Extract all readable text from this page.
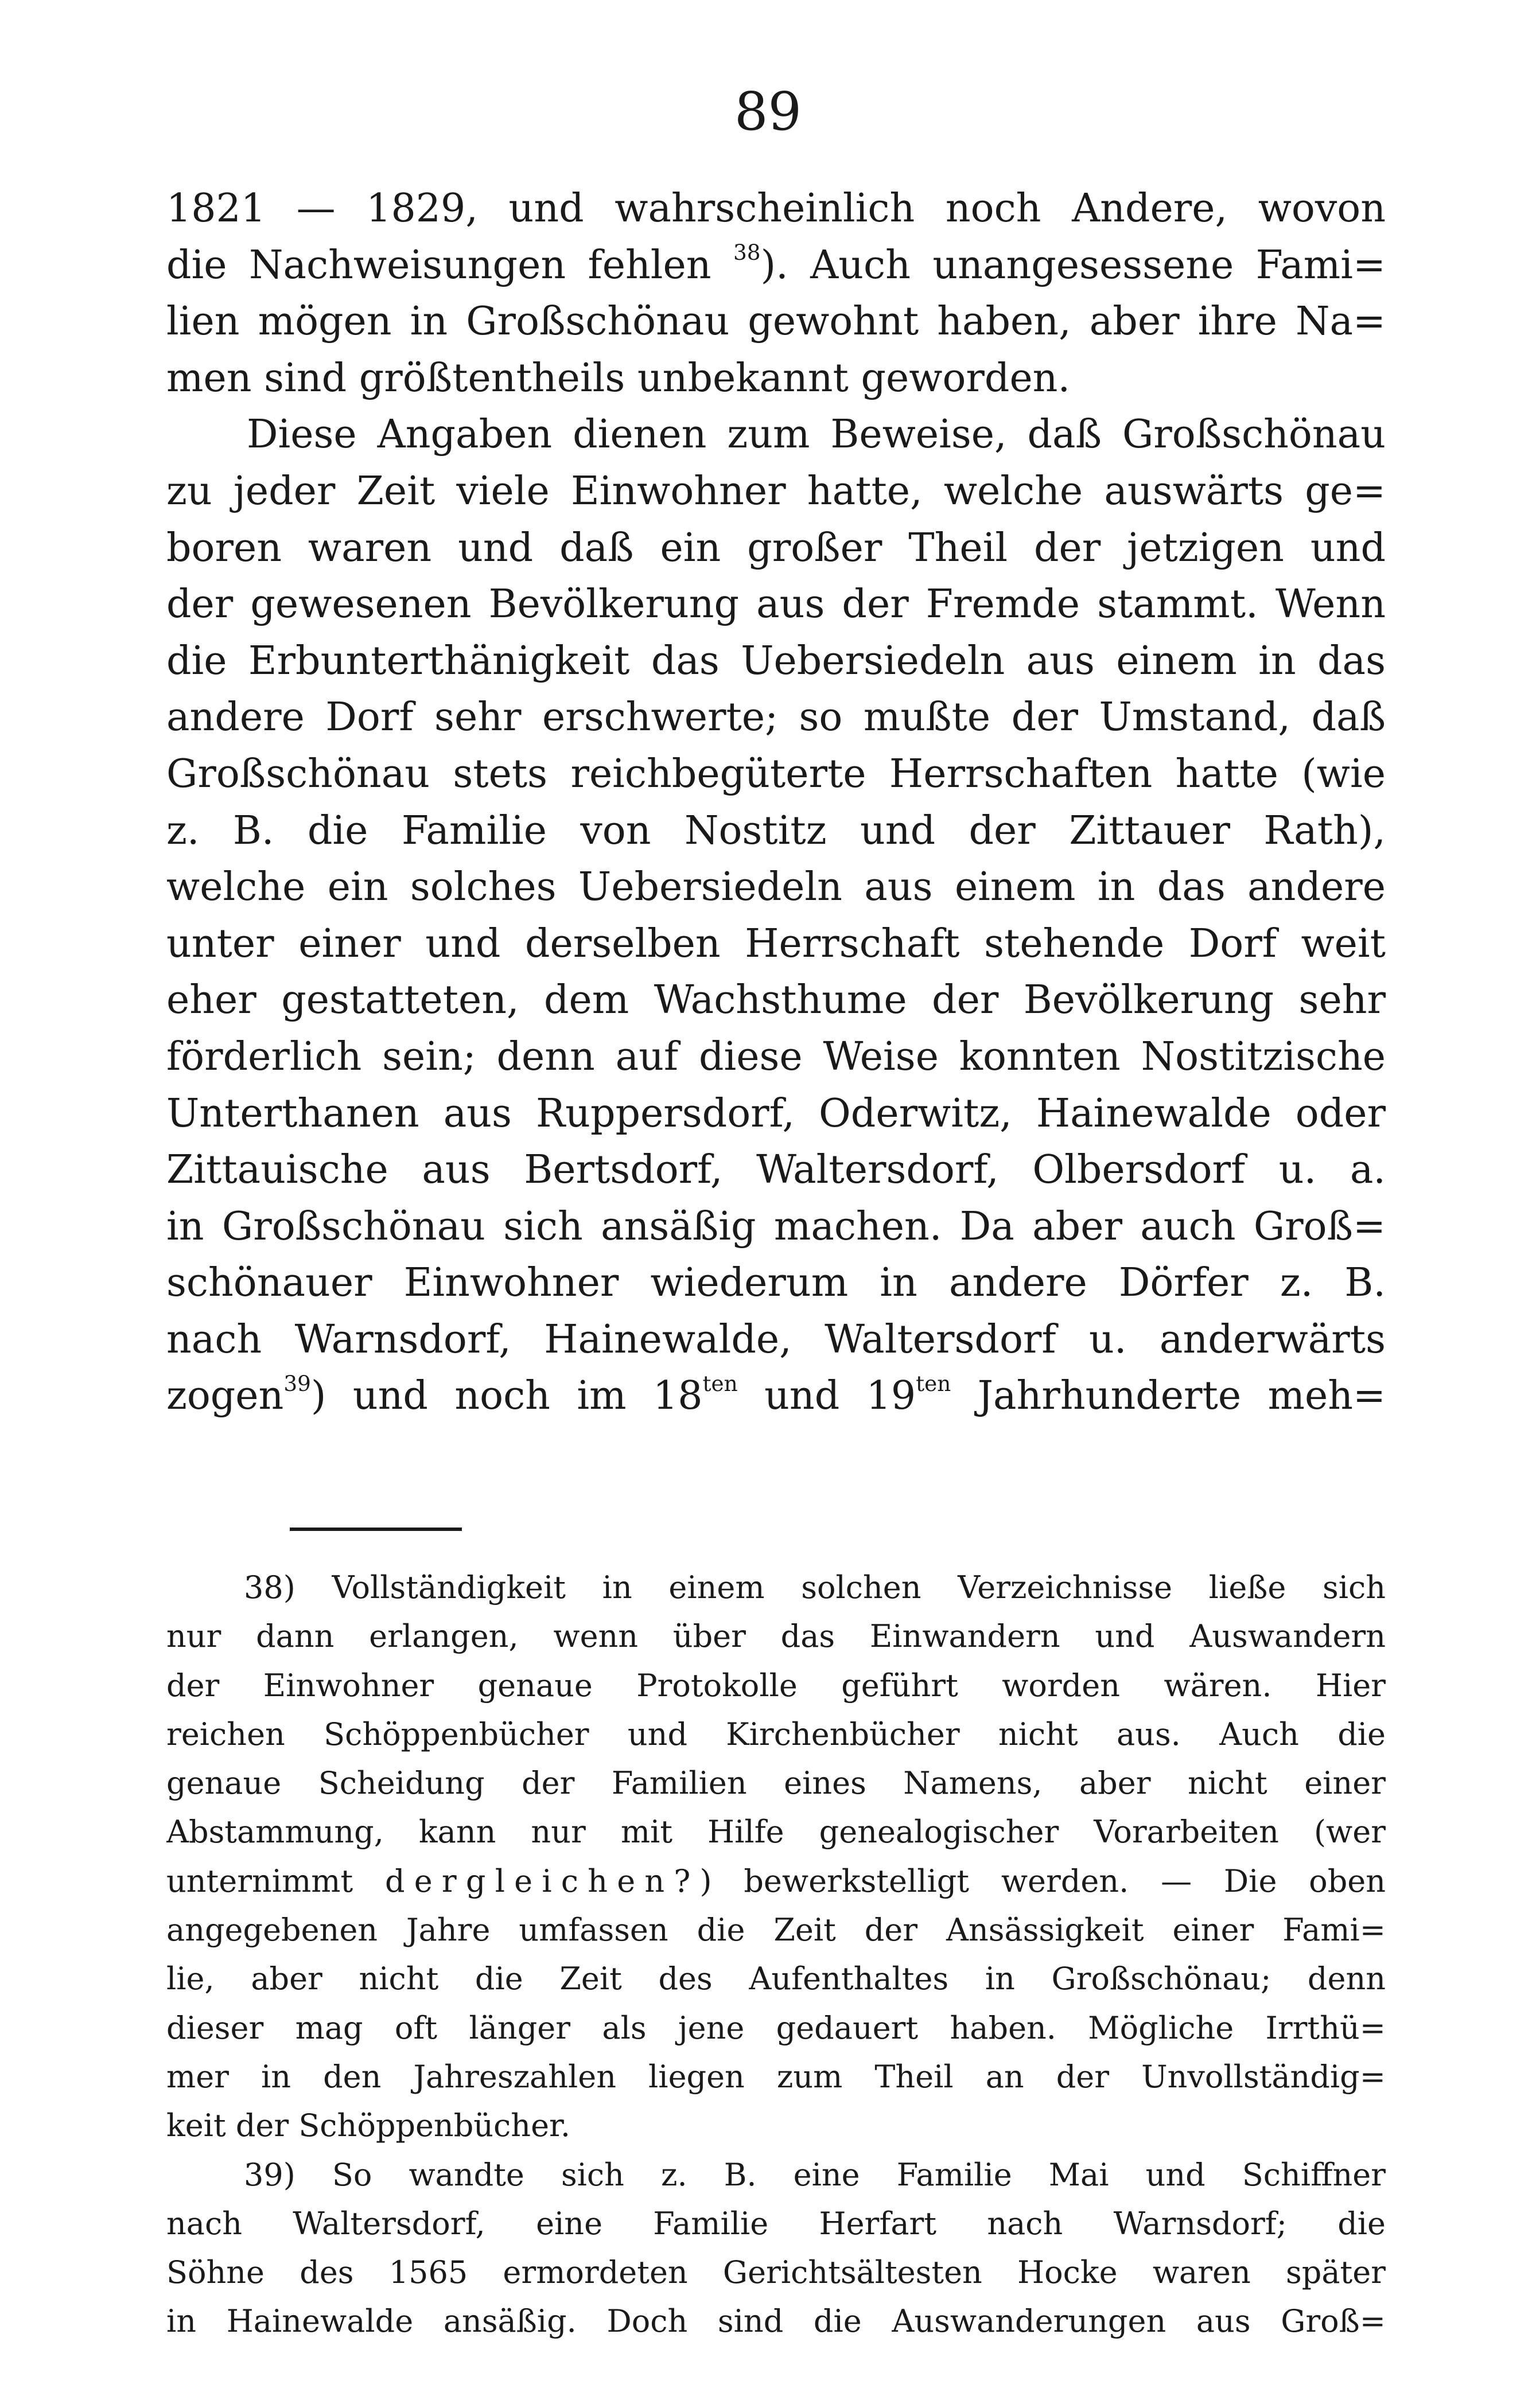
89
1821 — 1829, und wahrscheinlich noch Andere, wovon
die Nachweisungen fehlen $^{38}$). Auch unangesessene Fami=
lien mögen in Großschönau gewohnt haben, aber ihre Na=
men sind größtentheils unbekannt geworden.
Diese Angaben dienen zum Beweise, daß Großschönau
zu jeder Zeit viele Einwohner hatte, welche auswärts ge=
boren waren und daß ein großer Theil der jetzigen und
der gewesenen Bevölkerung aus der Fremde stammt. Wenn
die Erbunterthänigkeit das Uebersiedeln aus einem in das
andere Dorf sehr erschwerte; so mußte der Umstand, daß
Großschönau stets reichbegüterte Herrschaften hatte (wie
z. B. die Familie von Nostitz und der Zittauer Rath),
welche ein solches Uebersiedeln aus einem in das andere
unter einer und derselben Herrschaft stehende Dorf weit
eher gestatteten, dem Wachsthume der Bevölkerung sehr
förderlich sein; denn auf diese Weise konnten Nostitzische
Unterthanen aus Ruppersdorf, Oderwitz, Hainewalde oder
Zittauische aus Bertsdorf, Waltersdorf, Olbersdorf u. a.
in Großschönau sich ansäßig machen. Da aber auch Groß=
schönauer Einwohner wiederum in andere Dörfer z. B.
nach Warnsdorf, Hainewalde, Waltersdorf u. anderwärts
zogen$^{39}$) und noch im $18^{ten}$ und $19^{ten}$ Jahrhunderte meh=
38) Vollständigkeit in einem solchen Verzeichnisse ließe sich
nur dann erlangen, wenn über das Einwandern und Auswandern
der Einwohner genaue Protokolle geführt worden wären. Hier
reichen Schöppenbücher und Kirchenbücher nicht aus. Auch die
genaue Scheidung der Familien eines Namens, aber nicht einer
Abstammung, kann nur mit Hilfe genealogischer Vorarbeiten (wer
unternimmt dergleichen?) bewerkstelligt werden. — Die oben
angegebenen Jahre umfassen die Zeit der Ansässigkeit einer Fami=
lie, aber nicht die Zeit des Aufenthaltes in Großschönau; denn
dieser mag oft länger als jene gedauert haben. Mögliche Irrthü=
mer in den Jahreszahlen liegen zum Theil an der Unvollständig=
keit der Schöppenbücher.
39) So wandte sich z. B. eine Familie Mai und Schiffner
nach Waltersdorf, eine Familie Herfart nach Warnsdorf; die
Söhne des 1565 ermordeten Gerichtsältesten Hocke waren später
in Hainewalde ansäßig. Doch sind die Auswanderungen aus Groß=
